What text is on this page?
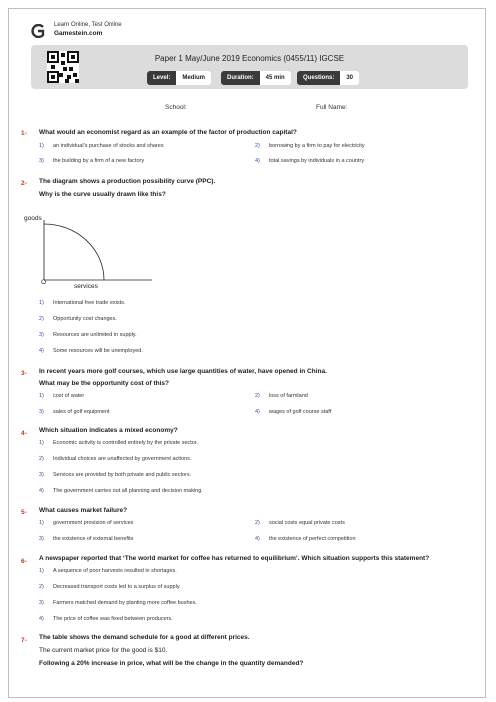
Learn Online, Test Online
Gamestein.com
Paper 1 May/June 2019 Economics (0455/11) IGCSE
Level:	Medium	Duration:	45 min	Questions:	30
School:	Full Name:
1- What would an economist regard as an example of the factor of production capital?
1) an individual’s purchase of stocks and shares	2) borrowing by a firm to pay for electricity
3) the building by a firm of a new factory	4) total savings by individuals in a country
2- The diagram shows a production possibility curve (PPC).
Why is the curve usually drawn like this?
goods
services
O
1) International free trade exists.
2) Opportunity cost changes.
3) Resources are unlimited in supply.
4) Some resources will be unemployed.
3- In recent years more golf courses, which use large quantities of water, have opened in China.
What may be the opportunity cost of this?
1) cost of water	2) loss of farmland
3) sales of golf equipment	4) wages of golf course staff
4- Which situation indicates a mixed economy?
1) Economic activity is controlled entirely by the private sector.
2) Individual choices are unaffected by government actions.
3) Services are provided by both private and public sectors.
4) The government carries out all planning and decision making.
5- What causes market failure?
1) government provision of services	2) social costs equal private costs
3) the existence of external benefits	4) the existence of perfect competition
6- A newspaper reported that ‘The world market for coffee has returned to equilibrium’. Which situation supports this statement?
1) A sequence of poor harvests resulted in shortages.
2) Decreased transport costs led to a surplus of supply.
3) Farmers matched demand by planting more coffee bushes.
4) The price of coffee was fixed between producers.
7- The table shows the demand schedule for a good at different prices.
The current market price for the good is $10.
Following a 20% increase in price, what will be the change in the quantity demanded?
